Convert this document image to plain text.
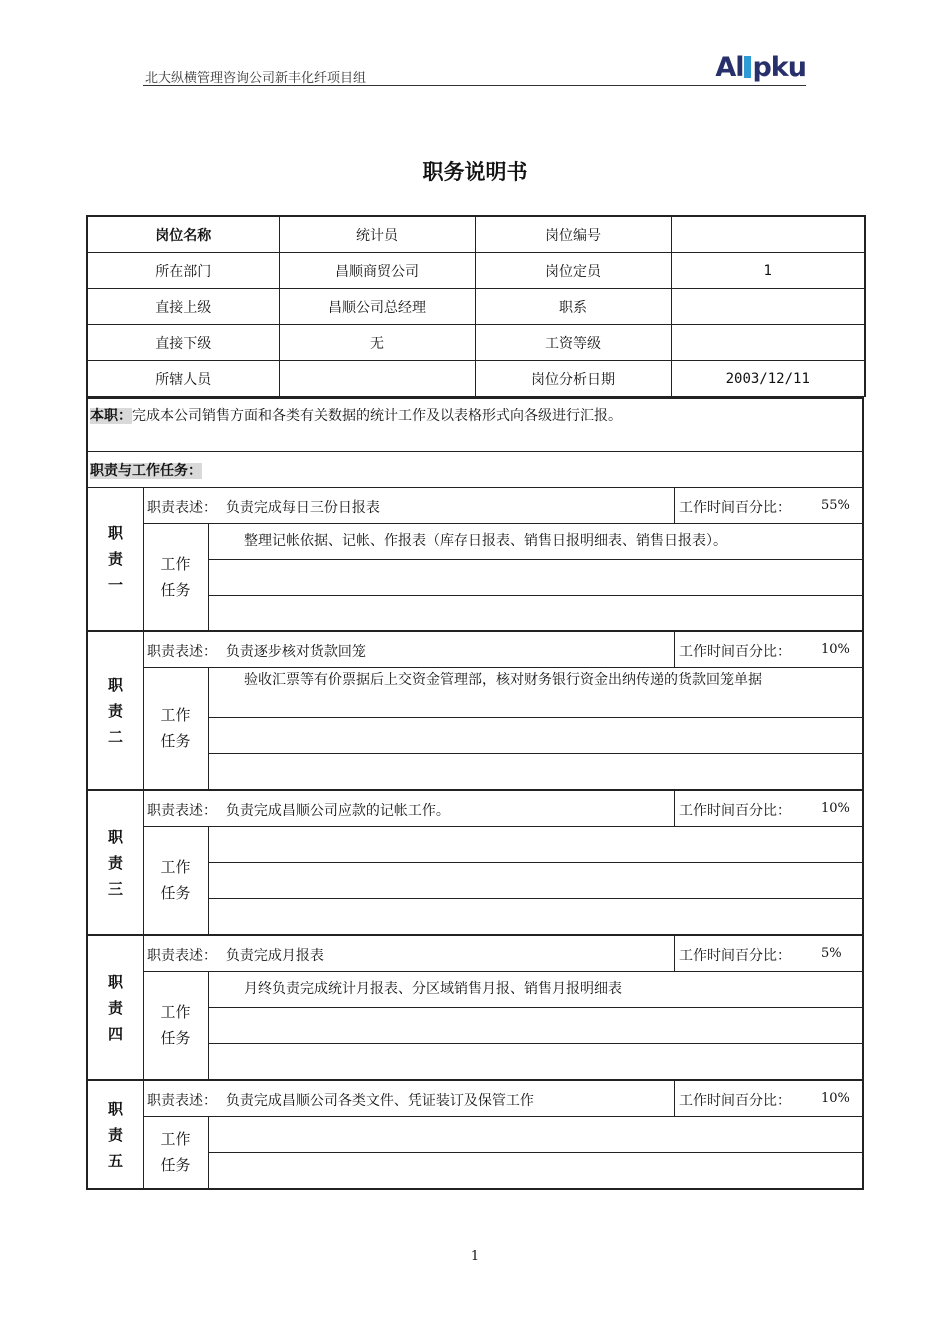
北大纵横管理咨询公司新丰化纤项目组	Al pku
职务说明书
岗位名称	统计员	岗位编号	
所在部门	昌顺商贸公司	岗位定员	1
直接上级	昌顺公司总经理	职系	
直接下级	无	工资等级	
所辖人员		岗位分析日期	2003/12/11
本职：完成本公司销售方面和各类有关数据的统计工作及以表格形式向各级进行汇报。
职责与工作任务：
职
责
一
职责表述： 负责完成每日三份日报表	工作时间百分比： 55%
工作
任务
整理记帐依据、记帐、作报表（库存日报表、销售日报明细表、销售日报表）。
职
责
二
职责表述： 负责逐步核对货款回笼	工作时间百分比： 10%
工作
任务
验收汇票等有价票据后上交资金管理部，核对财务银行资金出纳传递的货款回笼单据
职
责
三
职责表述： 负责完成昌顺公司应款的记帐工作。	工作时间百分比： 10%
工作
任务
职
责
四
职责表述： 负责完成月报表	工作时间百分比： 5%
工作
任务
月终负责完成统计月报表、分区域销售月报、销售月报明细表
职
责
五
职责表述： 负责完成昌顺公司各类文件、凭证装订及保管工作	工作时间百分比： 10%
工作
任务
1
